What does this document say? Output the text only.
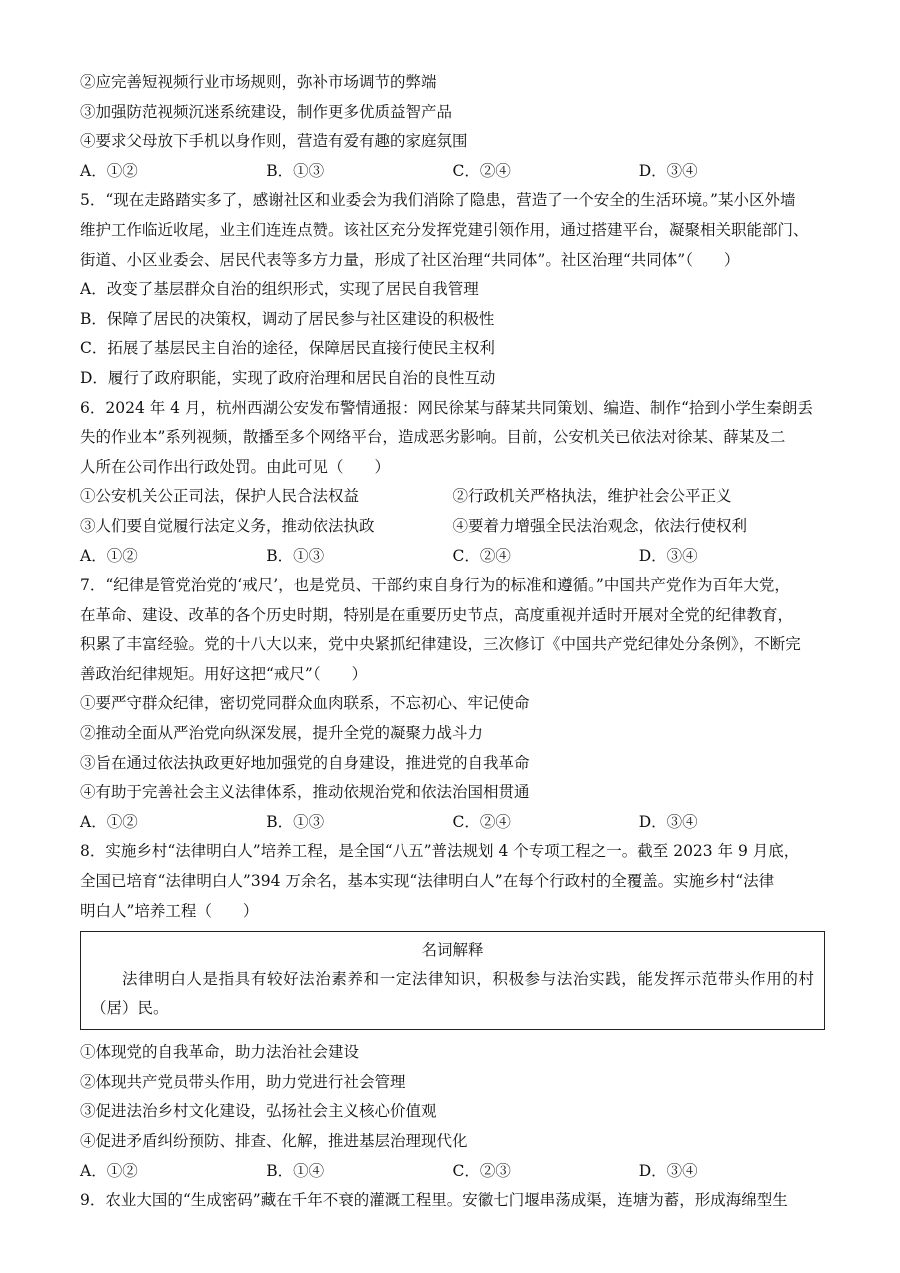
②应完善短视频行业市场规则，弥补市场调节的弊端
③加强防范视频沉迷系统建设，制作更多优质益智产品
④要求父母放下手机以身作则，营造有爱有趣的家庭氛围
A．①②	B．①③	C．②④	D．③④
5．“现在走路踏实多了，感谢社区和业委会为我们消除了隐患，营造了一个安全的生活环境。”某小区外墙
维护工作临近收尾，业主们连连点赞。该社区充分发挥党建引领作用，通过搭建平台，凝聚相关职能部门、
街道、小区业委会、居民代表等多方力量，形成了社区治理“共同体”。社区治理“共同体”（　　）
A．改变了基层群众自治的组织形式，实现了居民自我管理
B．保障了居民的决策权，调动了居民参与社区建设的积极性
C．拓展了基层民主自治的途径，保障居民直接行使民主权利
D．履行了政府职能，实现了政府治理和居民自治的良性互动
6．2024 年 4 月，杭州西湖公安发布警情通报：网民徐某与薛某共同策划、编造、制作“拾到小学生秦朗丢
失的作业本”系列视频，散播至多个网络平台，造成恶劣影响。目前，公安机关已依法对徐某、薛某及二
人所在公司作出行政处罚。由此可见（　　）
①公安机关公正司法，保护人民合法权益	②行政机关严格执法，维护社会公平正义
③人们要自觉履行法定义务，推动依法执政	④要着力增强全民法治观念，依法行使权利
A．①②	B．①③	C．②④	D．③④
7．“纪律是管党治党的‘戒尺’，也是党员、干部约束自身行为的标准和遵循。”中国共产党作为百年大党，
在革命、建设、改革的各个历史时期，特别是在重要历史节点，高度重视并适时开展对全党的纪律教育，
积累了丰富经验。党的十八大以来，党中央紧抓纪律建设，三次修订《中国共产党纪律处分条例》，不断完
善政治纪律规矩。用好这把“戒尺”（　　）
①要严守群众纪律，密切党同群众血肉联系，不忘初心、牢记使命
②推动全面从严治党向纵深发展，提升全党的凝聚力战斗力
③旨在通过依法执政更好地加强党的自身建设，推进党的自我革命
④有助于完善社会主义法律体系，推动依规治党和依法治国相贯通
A．①②	B．①③	C．②④	D．③④
8．实施乡村“法律明白人”培养工程，是全国“八五”普法规划 4 个专项工程之一。截至 2023 年 9 月底，
全国已培育“法律明白人”394 万余名，基本实现“法律明白人”在每个行政村的全覆盖。实施乡村“法律
明白人”培养工程（　　）
名词解释
法律明白人是指具有较好法治素养和一定法律知识，积极参与法治实践，能发挥示范带头作用的村（居）民。
①体现党的自我革命，助力法治社会建设
②体现共产党员带头作用，助力党进行社会管理
③促进法治乡村文化建设，弘扬社会主义核心价值观
④促进矛盾纠纷预防、排查、化解，推进基层治理现代化
A．①②	B．①④	C．②③	D．③④
9．农业大国的“生成密码”藏在千年不衰的灌溉工程里。安徽七门堰串荡成渠，连塘为蓄，形成海绵型生
